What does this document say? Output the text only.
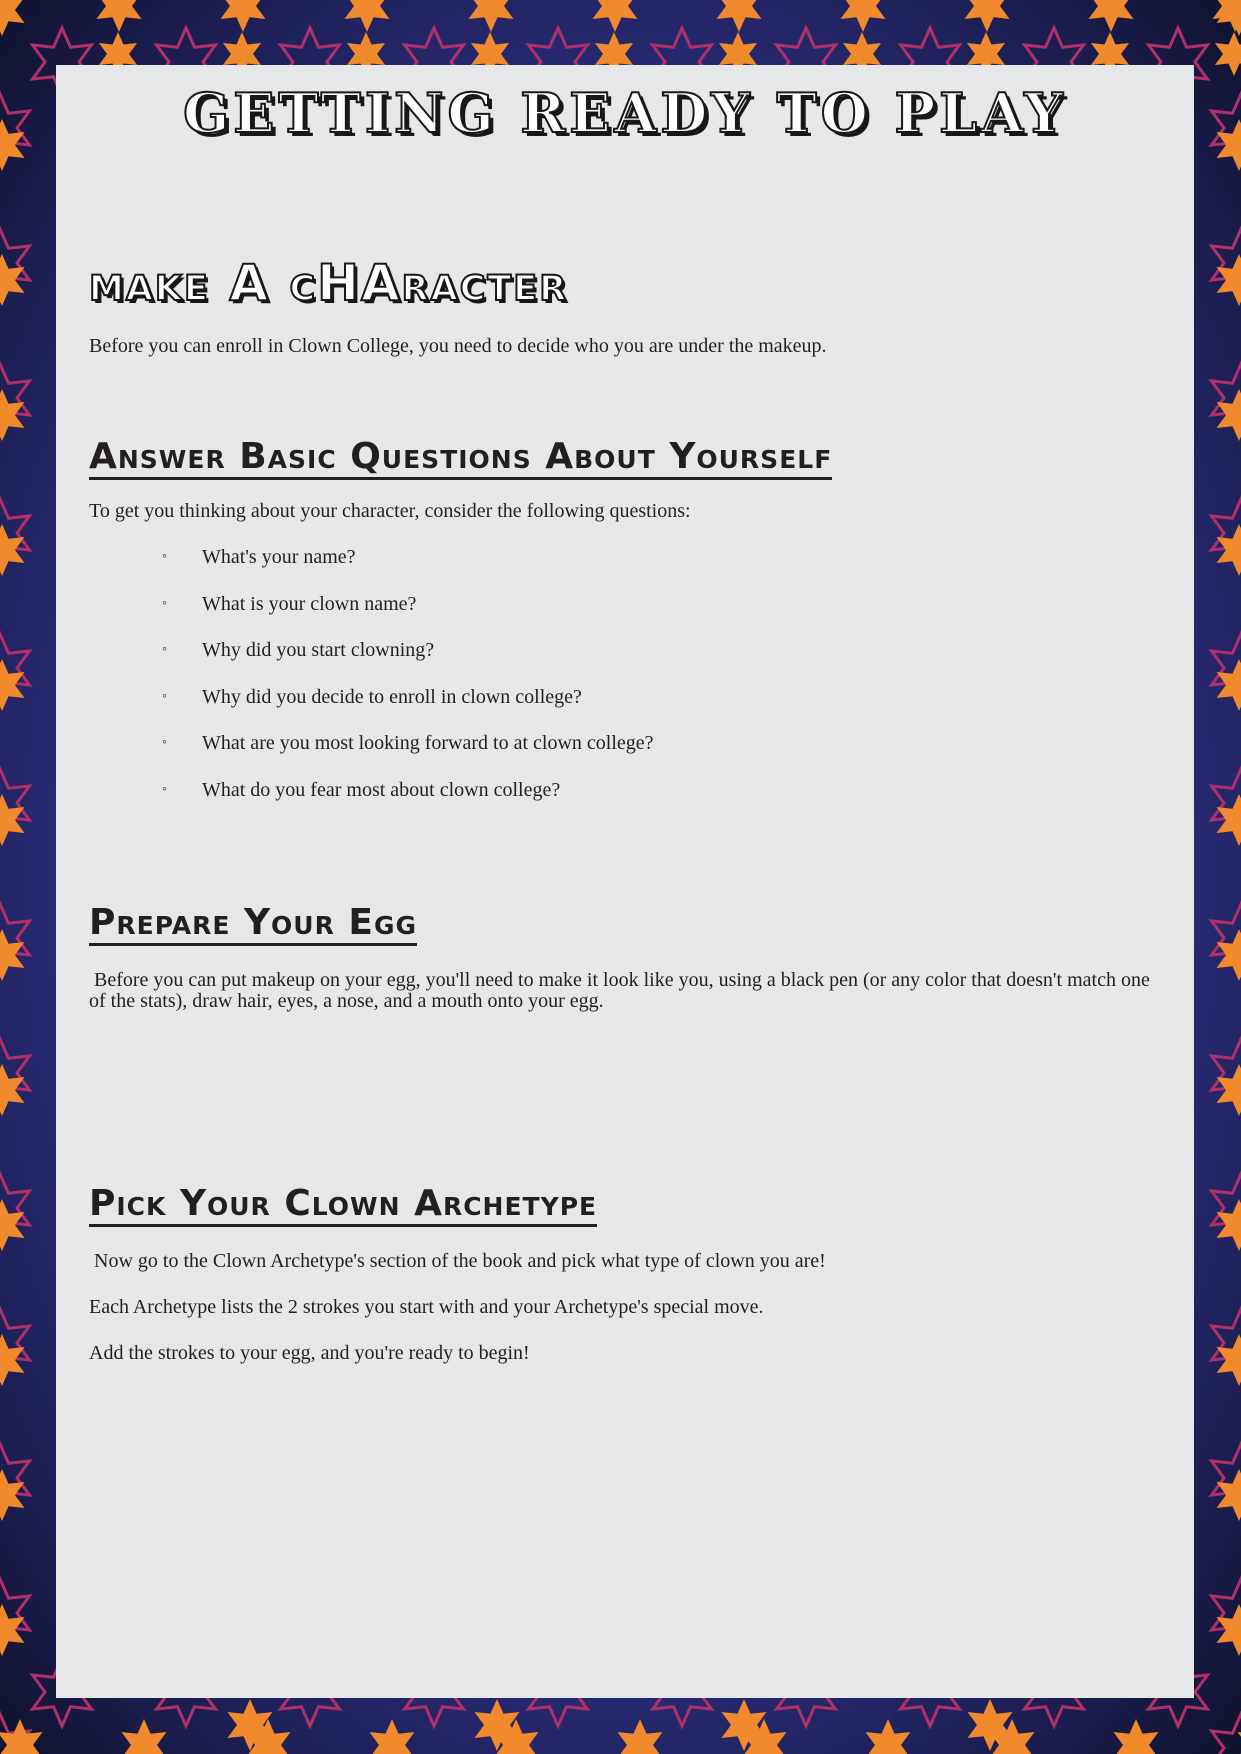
GETTING READY TO PLAY
make A cHAracter

Before you can enroll in Clown College, you need to decide who you are under the makeup.

Answer Basic Questions About Yourself

To get you thinking about your character, consider the following questions:

◦ What's your name?
◦ What is your clown name?
◦ Why did you start clowning?
◦ Why did you decide to enroll in clown college?
◦ What are you most looking forward to at clown college?
◦ What do you fear most about clown college?
Prepare Your Egg

Before you can put makeup on your egg, you'll need to make it look like you, using a black pen (or any color that doesn't match one of the stats), draw hair, eyes, a nose, and a mouth onto your egg.

Pick Your Clown Archetype

Now go to the Clown Archetype's section of the book and pick what type of clown you are!

Each Archetype lists the 2 strokes you start with and your Archetype's special move.

Add the strokes to your egg, and you're ready to begin!
